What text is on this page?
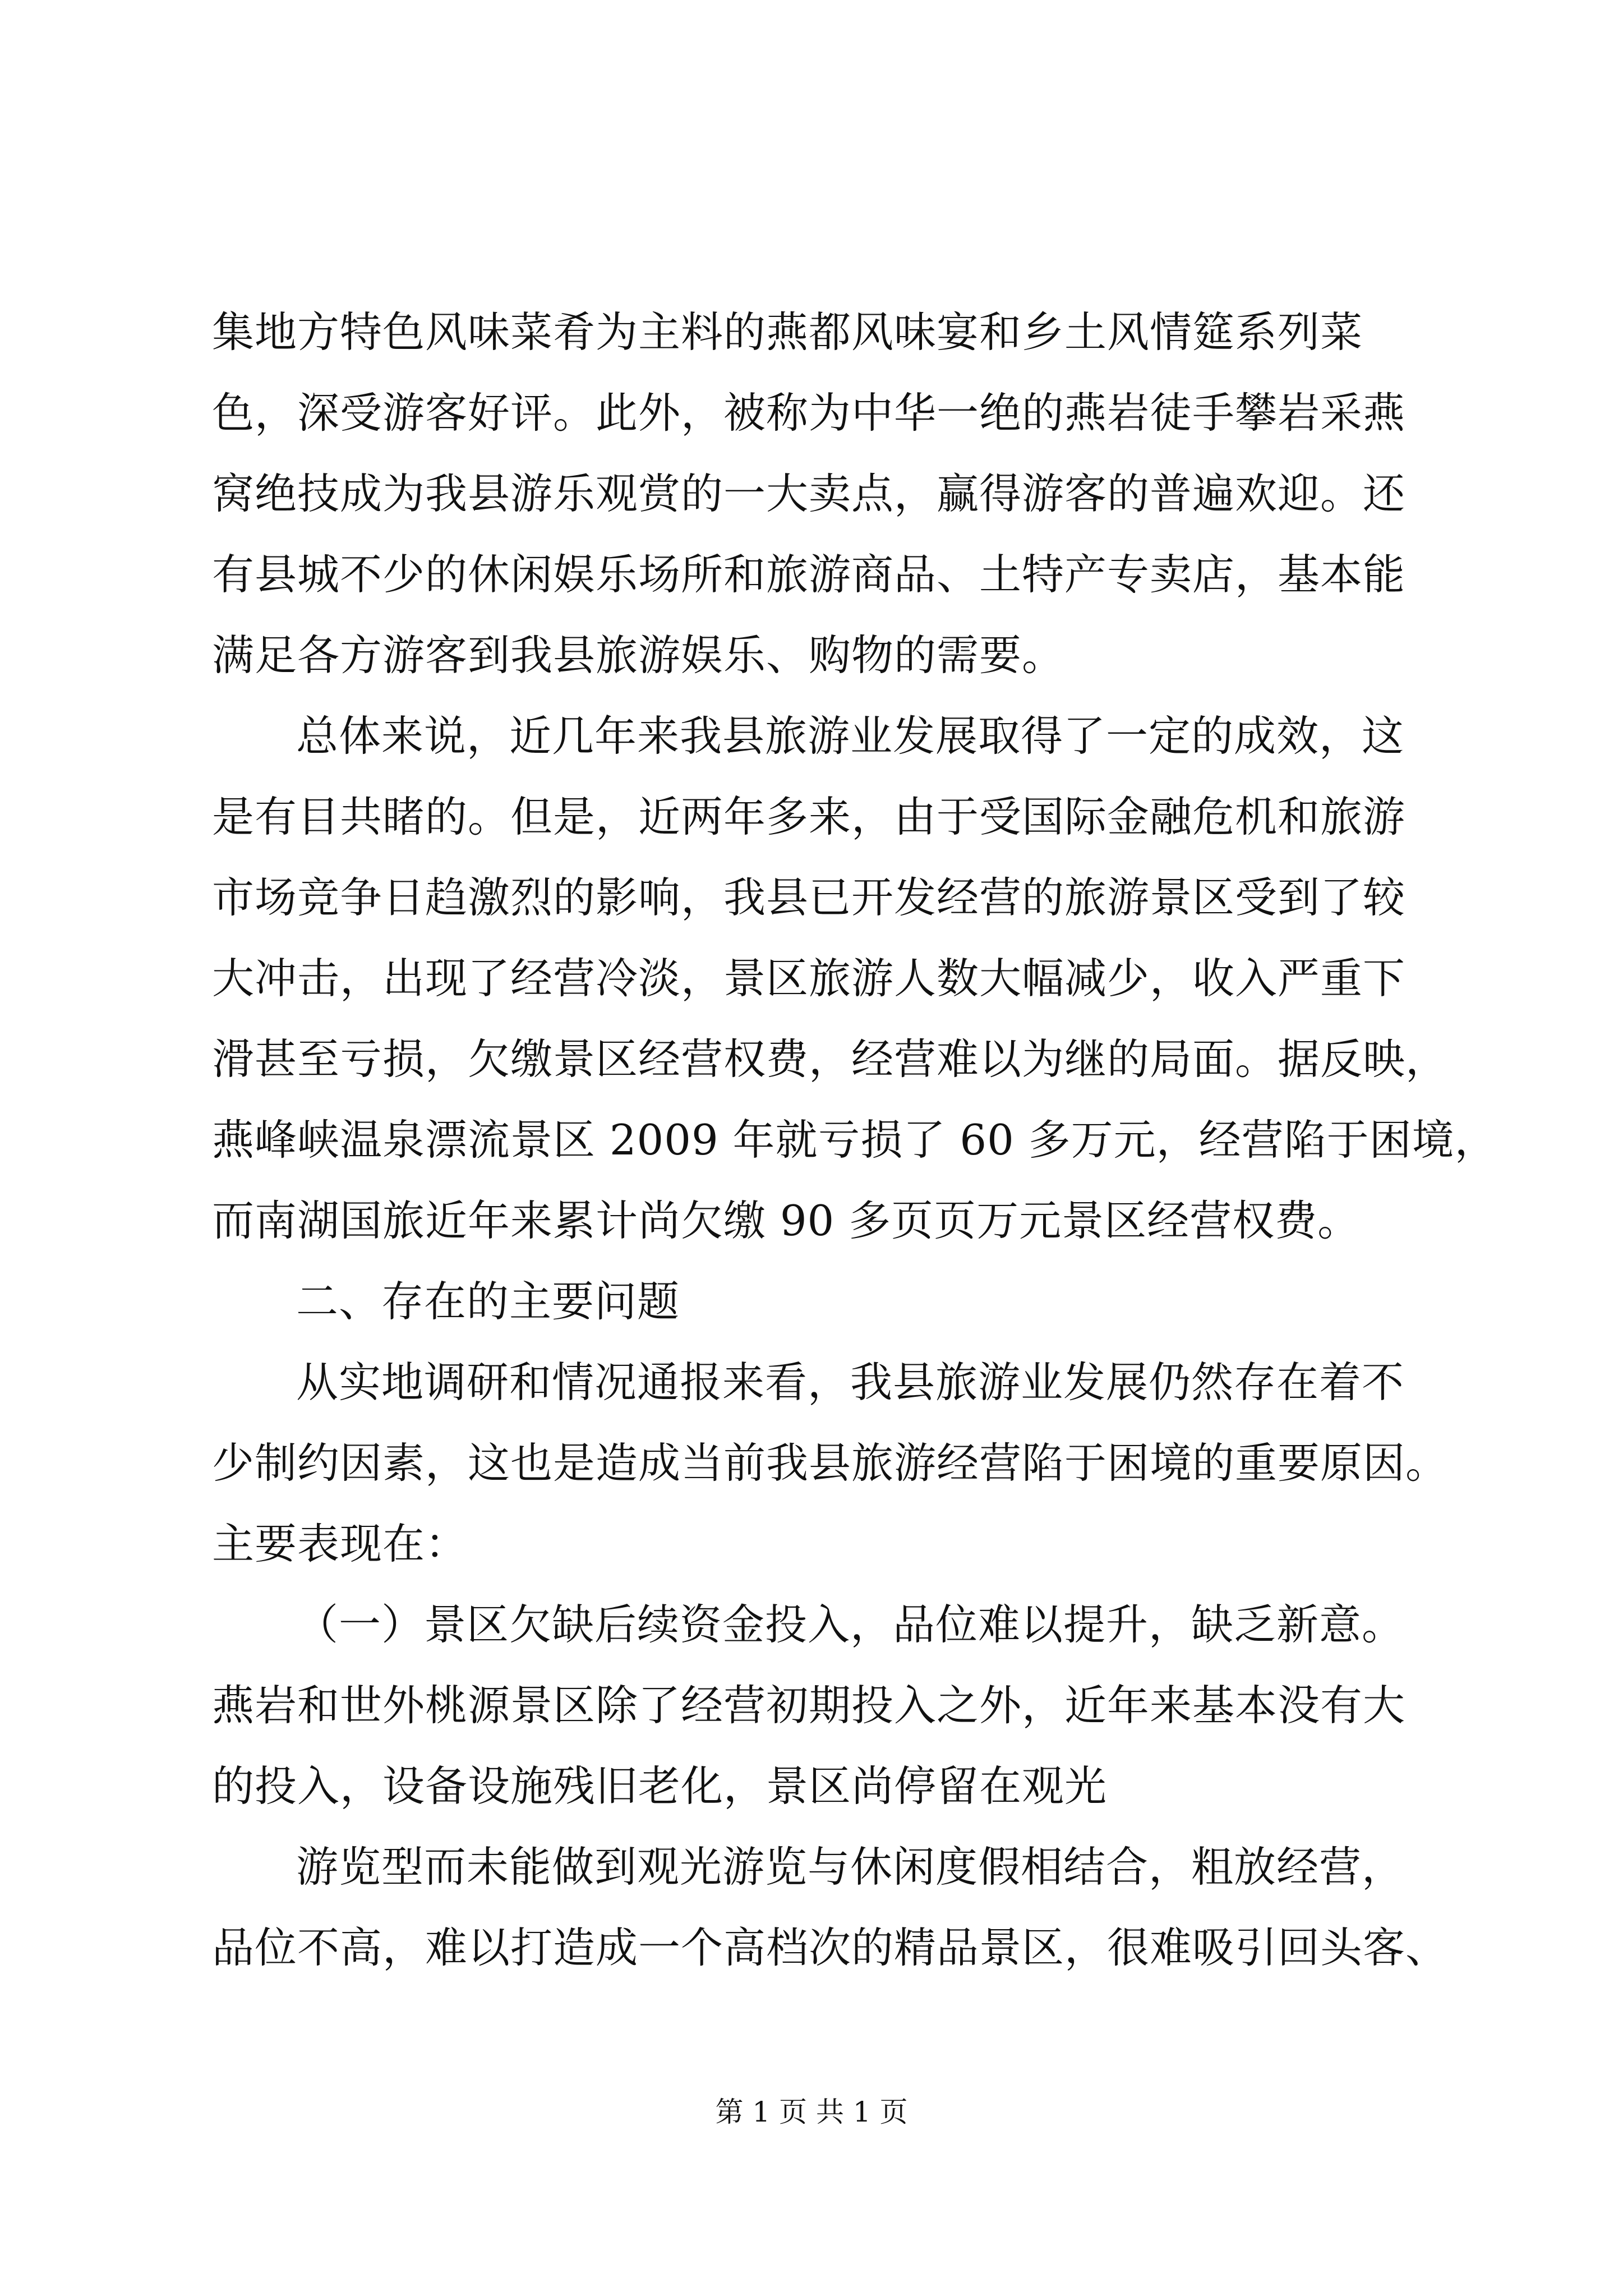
集地方特色风味菜肴为主料的燕都风味宴和乡土风情筵系列菜
色，深受游客好评。此外，被称为中华一绝的燕岩徒手攀岩采燕
窝绝技成为我县游乐观赏的一大卖点，赢得游客的普遍欢迎。还
有县城不少的休闲娱乐场所和旅游商品、土特产专卖店，基本能
满足各方游客到我县旅游娱乐、购物的需要。
总体来说，近几年来我县旅游业发展取得了一定的成效，这
是有目共睹的。但是，近两年多来，由于受国际金融危机和旅游
市场竞争日趋激烈的影响，我县已开发经营的旅游景区受到了较
大冲击，出现了经营冷淡，景区旅游人数大幅减少，收入严重下
滑甚至亏损，欠缴景区经营权费，经营难以为继的局面。据反映，
燕峰峡温泉漂流景区 2009 年就亏损了 60 多万元，经营陷于困境，
而南湖国旅近年来累计尚欠缴 90 多页页万元景区经营权费。
二、存在的主要问题
从实地调研和情况通报来看，我县旅游业发展仍然存在着不
少制约因素，这也是造成当前我县旅游经营陷于困境的重要原因。
主要表现在：
（一）景区欠缺后续资金投入，品位难以提升，缺乏新意。
燕岩和世外桃源景区除了经营初期投入之外，近年来基本没有大
的投入，设备设施残旧老化，景区尚停留在观光
游览型而未能做到观光游览与休闲度假相结合，粗放经营，
品位不高，难以打造成一个高档次的精品景区，很难吸引回头客、
第 1 页 共 1 页
